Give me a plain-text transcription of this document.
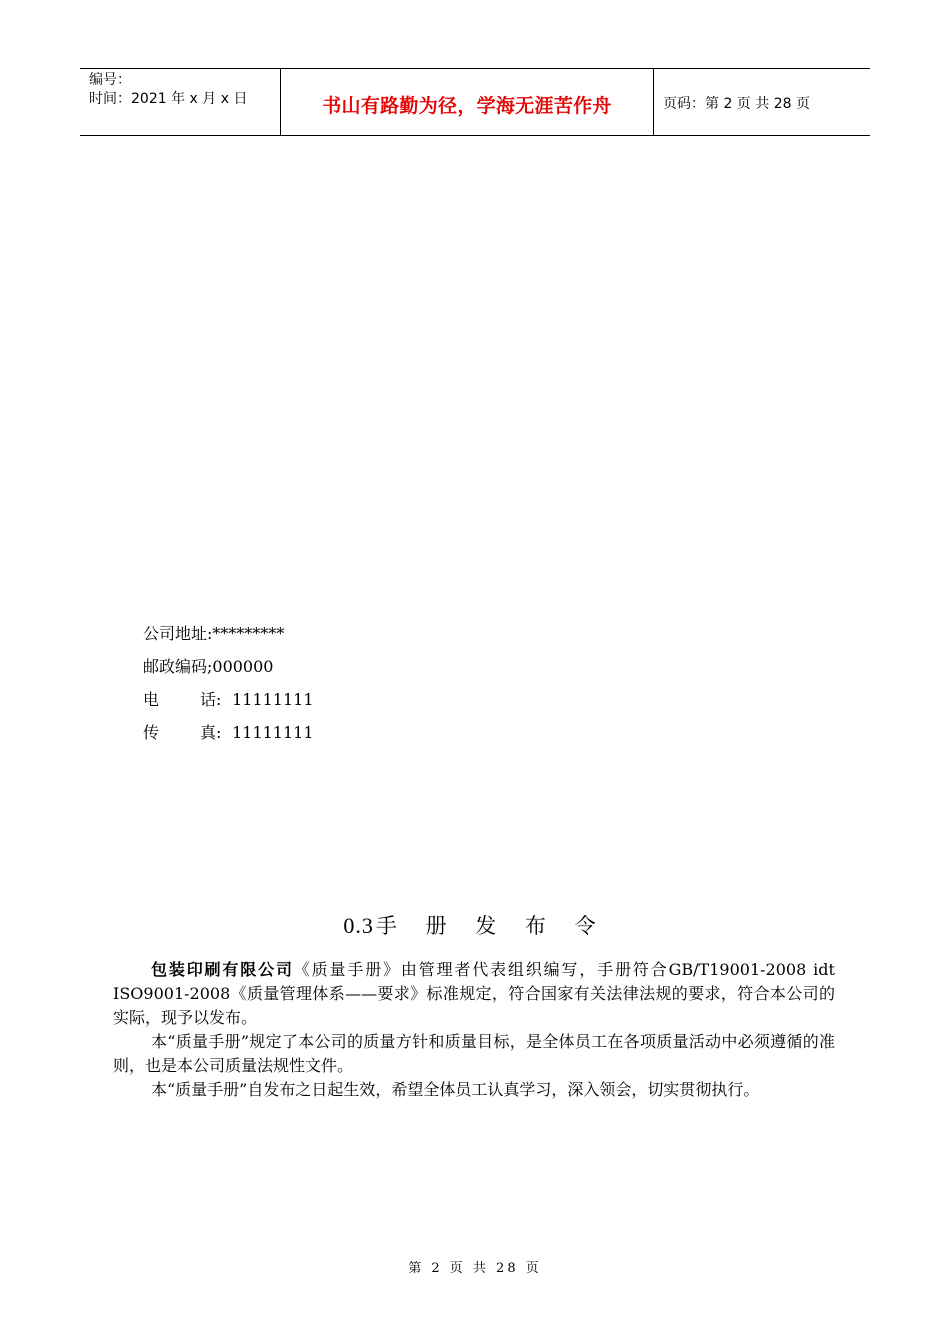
编号：
时间：2021 年 x 月 x 日	书山有路勤为径，学海无涯苦作舟	页码：第 2 页 共 28 页
公司地址:*********
邮政编码;000000
电	话: 11111111
传	真: 11111111
0.3手 册 发 布 令

包装印刷有限公司《质量手册》由管理者代表组织编写，手册符合GB/T19001-2008 idt ISO9001-2008《质量管理体系——要求》标准规定，符合国家有关法律法规的要求，符合本公司的实际，现予以发布。

本“质量手册”规定了本公司的质量方针和质量目标，是全体员工在各项质量活动中必须遵循的准则，也是本公司质量法规性文件。

本“质量手册”自发布之日起生效，希望全体员工认真学习，深入领会，切实贯彻执行。

第 2 页 共 28 页
